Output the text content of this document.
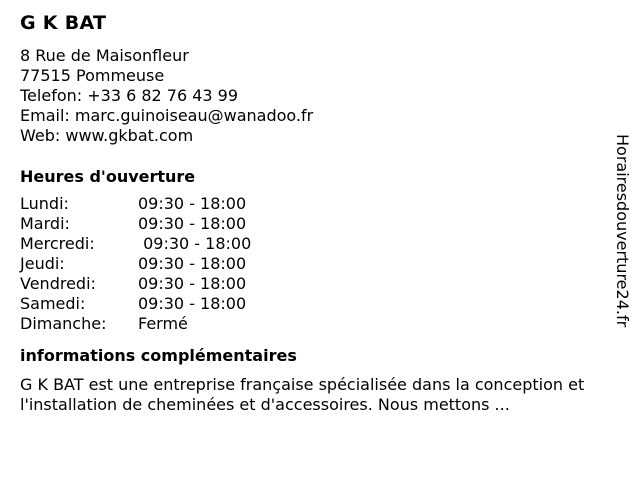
G K BAT
8 Rue de Maisonfleur
77515 Pommeuse
Telefon: +33 6 82 76 43 99
Email: marc.guinoiseau@wanadoo.fr
Web: www.gkbat.com
Heures d'ouverture
Lundi:	09:30 - 18:00
Mardi:	09:30 - 18:00
Mercredi:	09:30 - 18:00
Jeudi:	09:30 - 18:00
Vendredi:	09:30 - 18:00
Samedi:	09:30 - 18:00
Dimanche:	Fermé
informations complémentaires
G K BAT est une entreprise française spécialisée dans la conception et
l'installation de cheminées et d'accessoires. Nous mettons ...
Horairesdouverture24.fr
